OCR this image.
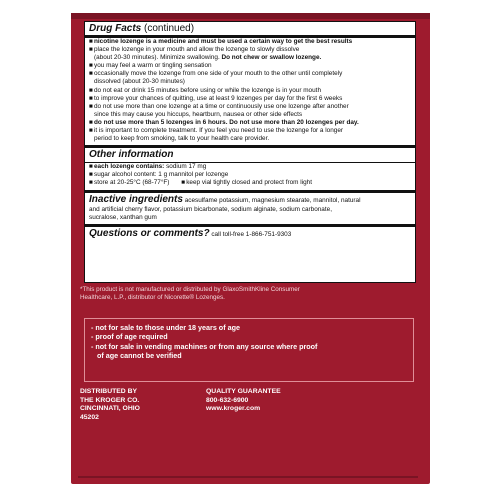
Drug Facts (continued)
■nicotine lozenge is a medicine and must be used a certain way to get the best results
■place the lozenge in your mouth and allow the lozenge to slowly dissolve
(about 20-30 minutes). Minimize swallowing. Do not chew or swallow lozenge.
■you may feel a warm or tingling sensation
■occasionally move the lozenge from one side of your mouth to the other until completely
dissolved (about 20-30 minutes)
■do not eat or drink 15 minutes before using or while the lozenge is in your mouth
■to improve your chances of quitting, use at least 9 lozenges per day for the first 6 weeks
■do not use more than one lozenge at a time or continuously use one lozenge after another
since this may cause you hiccups, heartburn, nausea or other side effects
■do not use more than 5 lozenges in 6 hours. Do not use more than 20 lozenges per day.
■it is important to complete treatment. If you feel you need to use the lozenge for a longer
period to keep from smoking, talk to your health care provider.
Other information
■each lozenge contains: sodium 17 mg
■sugar alcohol content: 1 g mannitol per lozenge
■store at 20-25°C (68-77°F) ■keep vial tightly closed and protect from light
Inactive ingredients acesulfame potassium, magnesium stearate, mannitol, natural
and artificial cherry flavor, potassium bicarbonate, sodium alginate, sodium carbonate,
sucralose, xanthan gum
Questions or comments? call toll-free 1-866-751-9303
*This product is not manufactured or distributed by GlaxoSmithKline Consumer
Healthcare, L.P., distributor of Nicorette® Lozenges.
- not for sale to those under 18 years of age
- proof of age required
- not for sale in vending machines or from any source where proof
of age cannot be verified
DISTRIBUTED BY
THE KROGER CO.
CINCINNATI, OHIO
45202
QUALITY GUARANTEE
800-632-6900
www.kroger.com
